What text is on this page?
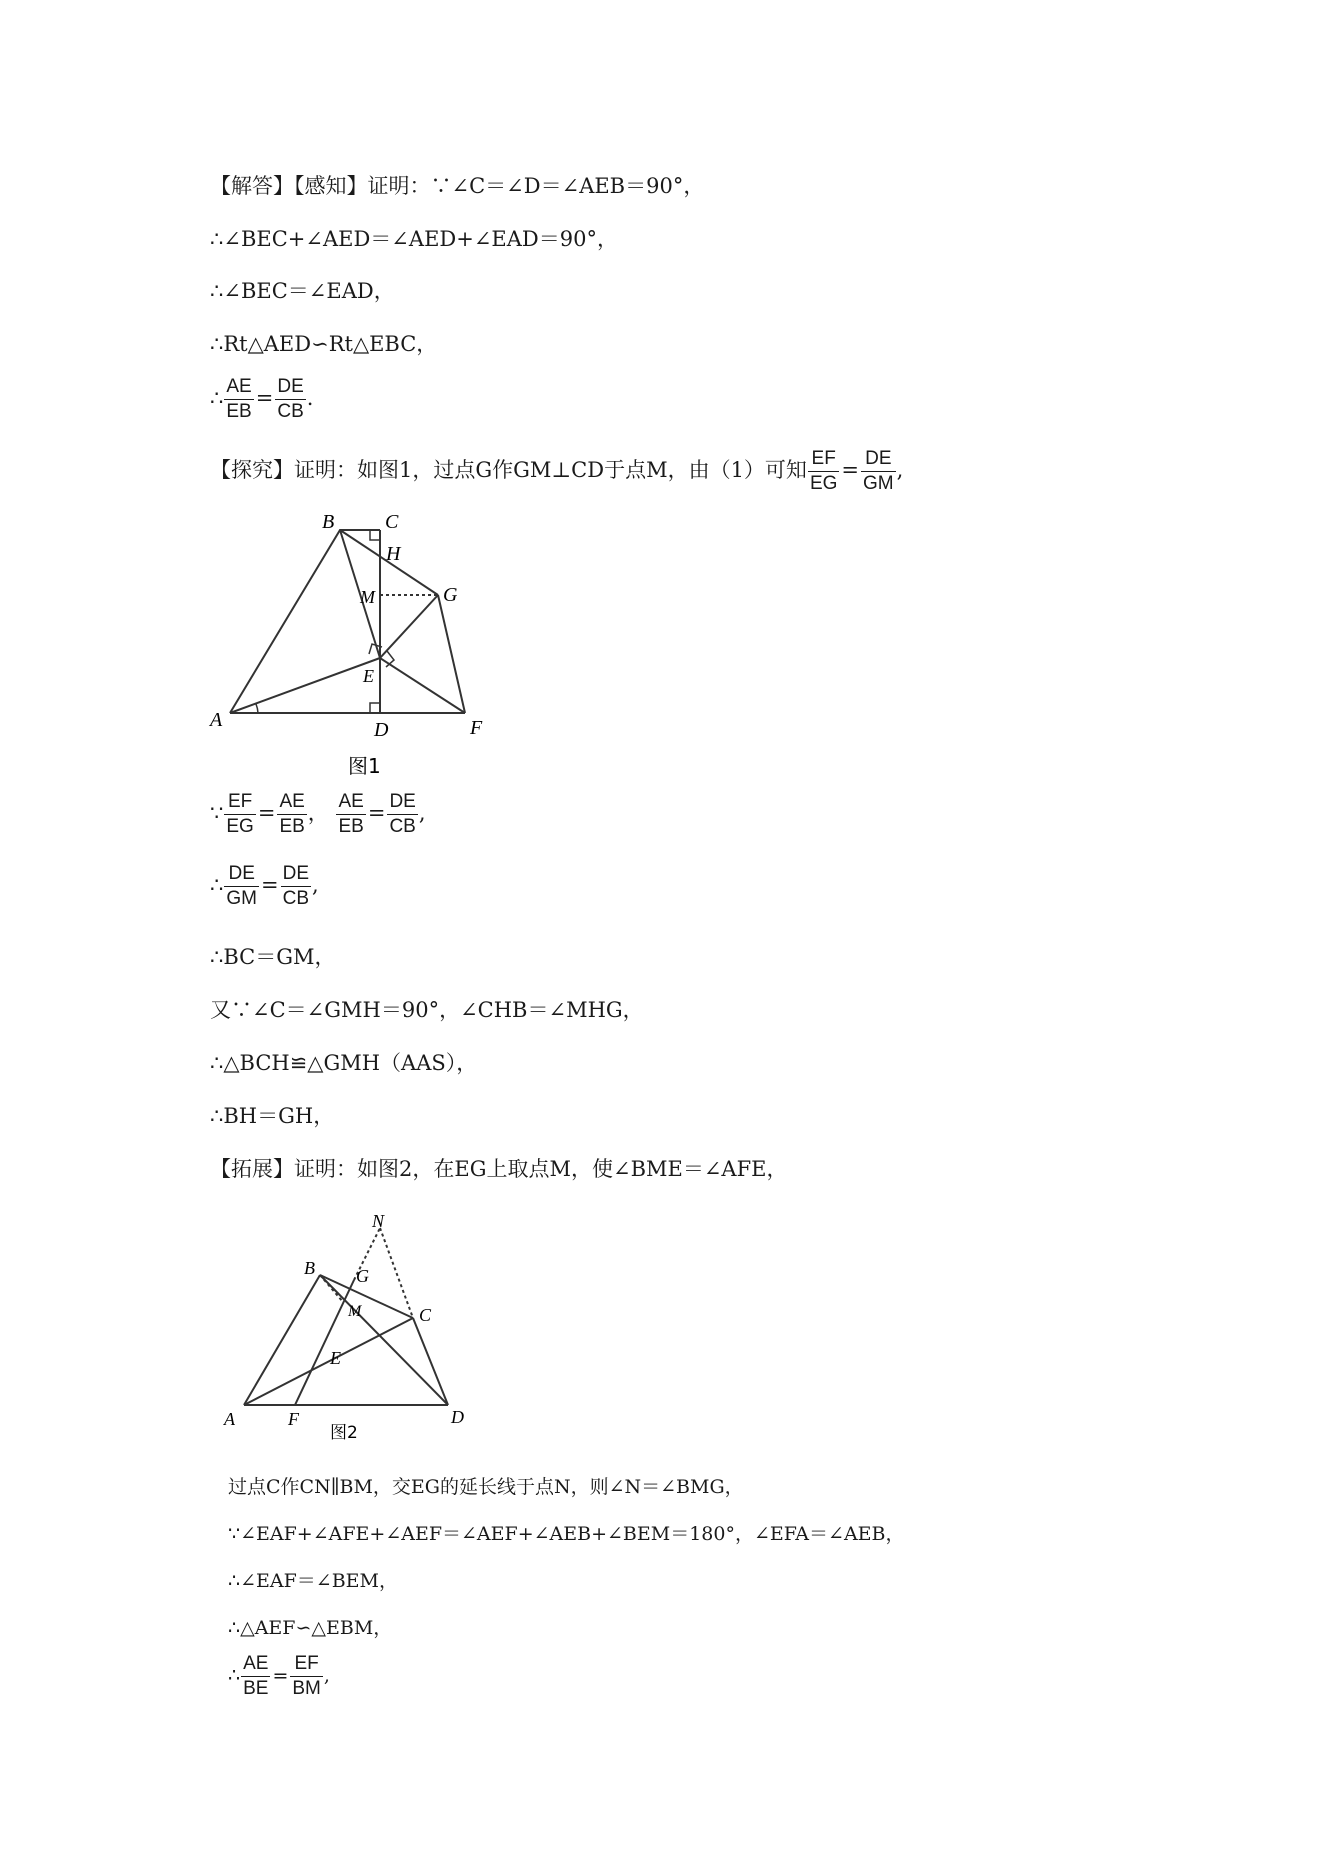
【解答】【感知】证明：∵∠C＝∠D＝∠AEB＝90°，
∴∠BEC+∠AED＝∠AED+∠EAD＝90°，
∴∠BEC＝∠EAD，
∴Rt△AED∽Rt△EBC，
∴ $\frac{AE}{EB} = \frac{DE}{CB}$ .
【探究】证明：如图1，过点G作GM⊥CD于点M，由（1）可知 $\frac{EF}{EG} = \frac{DE}{GM}$ ,
B	C
H
M	G
E
A	D	F
图1
∵ $\frac{EF}{EG} = \frac{AE}{EB}$ ， $\frac{AE}{EB} = \frac{DE}{CB}$ ,
∴ $\frac{DE}{GM} = \frac{DE}{CB}$ ,
∴BC＝GM，
又∵∠C＝∠GMH＝90°，∠CHB＝∠MHG，
∴△BCH≌△GMH（AAS），
∴BH＝GH，
【拓展】证明：如图2，在EG上取点M，使∠BME＝∠AFE，
N
B G
M	C
E
A	F	D
图2
过点C作CN∥BM，交EG的延长线于点N，则∠N＝∠BMG，
∵∠EAF+∠AFE+∠AEF＝∠AEF+∠AEB+∠BEM＝180°，∠EFA＝∠AEB，
∴∠EAF＝∠BEM，
∴△AEF∽△EBM，
∴ $\frac{AE}{BE} = \frac{EF}{BM}$ ,
